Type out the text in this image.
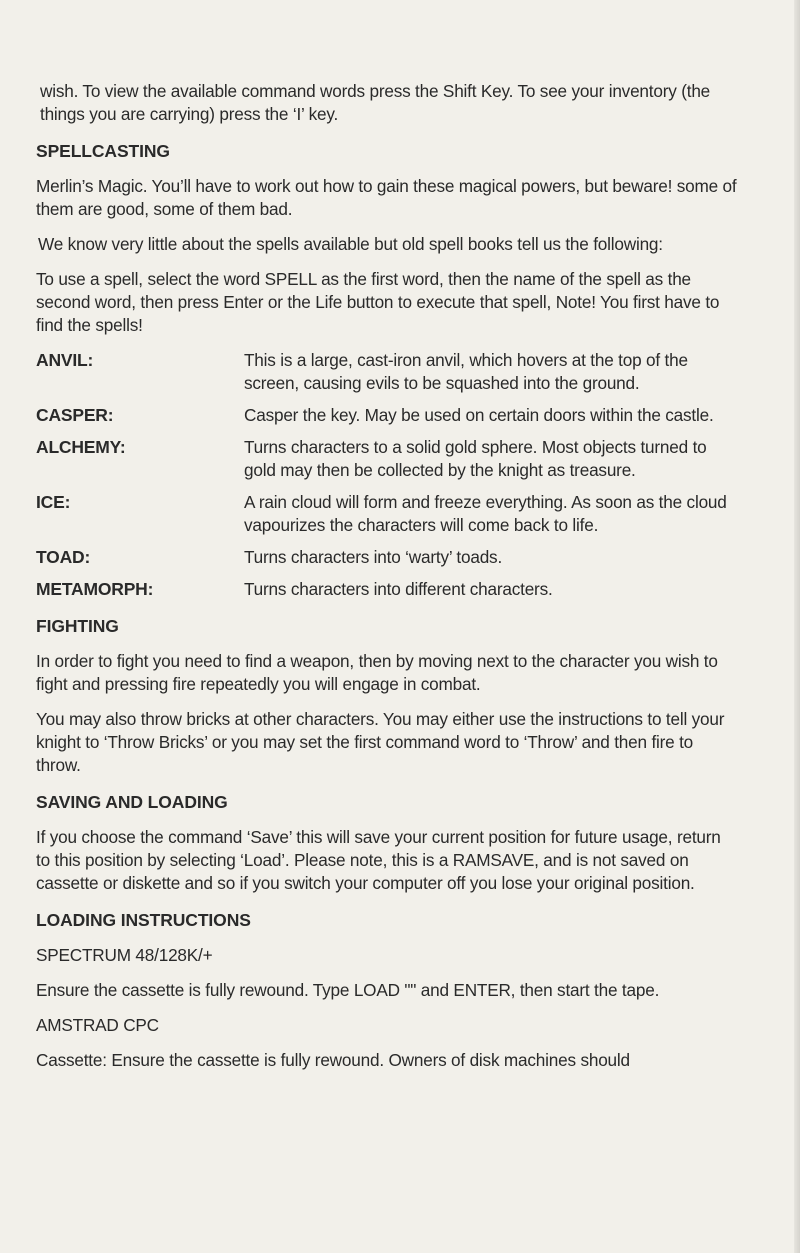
wish. To view the available command words press the Shift Key. To see your inventory (the things you are carrying) press the ‘I’ key.

SPELLCASTING

Merlin’s Magic. You’ll have to work out how to gain these magical powers, but beware! some of them are good, some of them bad.

We know very little about the spells available but old spell books tell us the following:

To use a spell, select the word SPELL as the first word, then the name of the spell as the second word, then press Enter or the Life button to execute that spell, Note! You first have to find the spells!

ANVIL:	This is a large, cast-iron anvil, which hovers at the top of the screen, causing evils to be squashed into the ground.
CASPER:	Casper the key. May be used on certain doors within the castle.
ALCHEMY:	Turns characters to a solid gold sphere. Most objects turned to gold may then be collected by the knight as treasure.
ICE:	A rain cloud will form and freeze everything. As soon as the cloud vapourizes the characters will come back to life.
TOAD:	Turns characters into ‘warty’ toads.
METAMORPH:	Turns characters into different characters.
FIGHTING

In order to fight you need to find a weapon, then by moving next to the character you wish to fight and pressing fire repeatedly you will engage in combat.

You may also throw bricks at other characters. You may either use the instructions to tell your knight to ‘Throw Bricks’ or you may set the first command word to ‘Throw’ and then fire to throw.

SAVING AND LOADING

If you choose the command ‘Save’ this will save your current position for future usage, return to this position by selecting ‘Load’. Please note, this is a RAMSAVE, and is not saved on cassette or diskette and so if you switch your computer off you lose your original position.

LOADING INSTRUCTIONS

SPECTRUM 48/128K/+

Ensure the cassette is fully rewound. Type LOAD "" and ENTER, then start the tape.

AMSTRAD CPC

Cassette: Ensure the cassette is fully rewound. Owners of disk machines should
